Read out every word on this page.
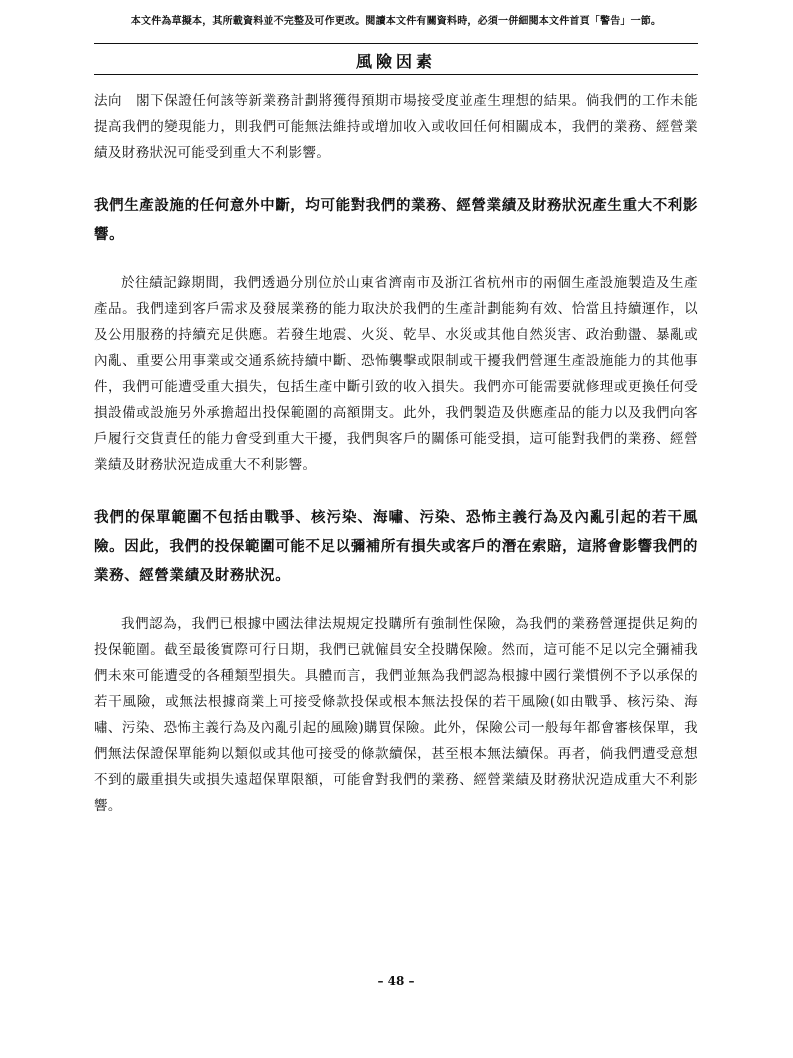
本文件為草擬本，其所載資料並不完整及可作更改。閱讀本文件有關資料時，必須一併細閱本文件首頁「警告」一節。
風險因素

法向　閣下保證任何該等新業務計劃將獲得預期市場接受度並產生理想的結果。倘我們的工作未能提高我們的變現能力，則我們可能無法維持或增加收入或收回任何相關成本，我們的業務、經營業績及財務狀況可能受到重大不利影響。

我們生產設施的任何意外中斷，均可能對我們的業務、經營業績及財務狀況產生重大不利影響。

於往績記錄期間，我們透過分別位於山東省濟南市及浙江省杭州市的兩個生產設施製造及生產產品。我們達到客戶需求及發展業務的能力取決於我們的生產計劃能夠有效、恰當且持續運作，以及公用服務的持續充足供應。若發生地震、火災、乾旱、水災或其他自然災害、政治動盪、暴亂或內亂、重要公用事業或交通系統持續中斷、恐怖襲擊或限制或干擾我們營運生產設施能力的其他事件，我們可能遭受重大損失，包括生產中斷引致的收入損失。我們亦可能需要就修理或更換任何受損設備或設施另外承擔超出投保範圍的高額開支。此外，我們製造及供應產品的能力以及我們向客戶履行交貨責任的能力會受到重大干擾，我們與客戶的關係可能受損，這可能對我們的業務、經營業績及財務狀況造成重大不利影響。

我們的保單範圍不包括由戰爭、核污染、海嘯、污染、恐怖主義行為及內亂引起的若干風險。因此，我們的投保範圍可能不足以彌補所有損失或客戶的潛在索賠，這將會影響我們的業務、經營業績及財務狀況。

我們認為，我們已根據中國法律法規規定投購所有強制性保險，為我們的業務營運提供足夠的投保範圍。截至最後實際可行日期，我們已就僱員安全投購保險。然而，這可能不足以完全彌補我們未來可能遭受的各種類型損失。具體而言，我們並無為我們認為根據中國行業慣例不予以承保的若干風險，或無法根據商業上可接受條款投保或根本無法投保的若干風險(如由戰爭、核污染、海嘯、污染、恐怖主義行為及內亂引起的風險)購買保險。此外，保險公司一般每年都會審核保單，我們無法保證保單能夠以類似或其他可接受的條款續保，甚至根本無法續保。再者，倘我們遭受意想不到的嚴重損失或損失遠超保單限額，可能會對我們的業務、經營業績及財務狀況造成重大不利影響。

– 48 –
